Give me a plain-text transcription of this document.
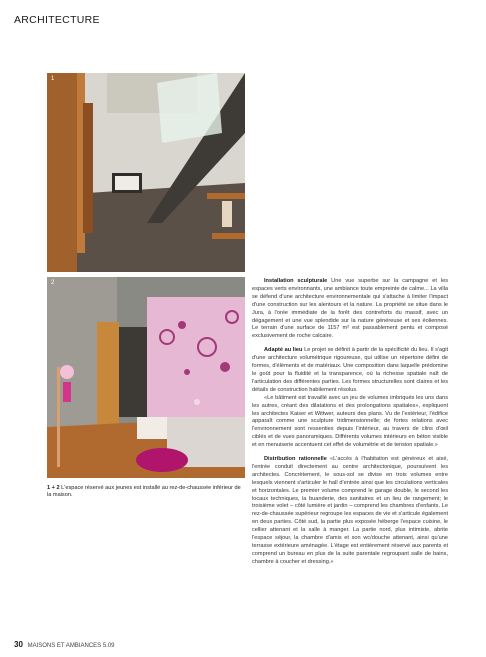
ARCHITECTURE
1
2
1 + 2 L'espace réservé aux jeunes est installé au rez-de-chaussée inférieur de la maison.

Installation sculpturale Une vue superbe sur la campagne et les espaces verts environnants, une ambiance toute empreinte de calme... La villa se défend d'une architecture environnementale qui s'attache à limiter l'impact d'une construction sur les alentours et la nature. La propriété se situe dans le Jura, à l'orée immédiate de la forêt des contreforts du massif, avec un dégagement et une vue splendide sur la nature généreuse et ses éoliennes. Le terrain d'une surface de 1157 m² est passablement pentu et composé exclusivement de roche calcaire.

Adapté au lieu Le projet se définit à partir de la spécificité du lieu. Il s'agit d'une architecture volumétrique rigoureuse, qui utilise un répertoire défini de formes, d'éléments et de matériaux. Une composition dans laquelle prédomine le goût pour la fluidité et la transparence, où la richesse spatiale naît de l'articulation des différentes parties. Les formes structurelles sont claires et les détails de construction habilement résolus.

«Le bâtiment est travaillé avec un jeu de volumes imbriqués les uns dans les autres, créant des dilatations et des prolongations spatiales», expliquent les architectes Kaiser et Wittwer, auteurs des plans. Vu de l'extérieur, l'édifice apparaît comme une sculpture tridimensionnelle; de fortes relations avec l'environnement sont ressenties depuis l'intérieur, au travers de clins d'œil ciblés et de vues panoramiques. Différents volumes intérieurs en béton visible et en menuiserie accentuent cet effet de volumétrie et de tension spatiale.»

Distribution rationnelle «L'accès à l'habitation est généreux et aisé, l'entrée conduit directement au centre architectonique, poursuivent les architectes. Concrètement, le sous-sol se divise en trois volumes entre lesquels viennent s'articuler le hall d'entrée ainsi que les circulations verticales et horizontales. Le premier volume comprend le garage double, le second les locaux techniques, la buanderie, des sanitaires et un lieu de rangement; le troisième volet – côté lumière et jardin – comprend les chambres d'enfants. Le rez-de-chaussée supérieur regroupe les espaces de vie et s'articule également en deux parties. Côté sud, la partie plus exposée héberge l'espace cuisine, le cellier attenant et la salle à manger. La partie nord, plus intimiste, abrite l'espace séjour, la chambre d'amis et son wc/douche attenant, ainsi qu'une terrasse extérieure aménagée. L'étage est entièrement réservé aux parents et comprend un bureau en plus de la suite parentale regroupant salle de bains, chambre à coucher et dressing.»

30 MAISONS ET AMBIANCES 5.09
